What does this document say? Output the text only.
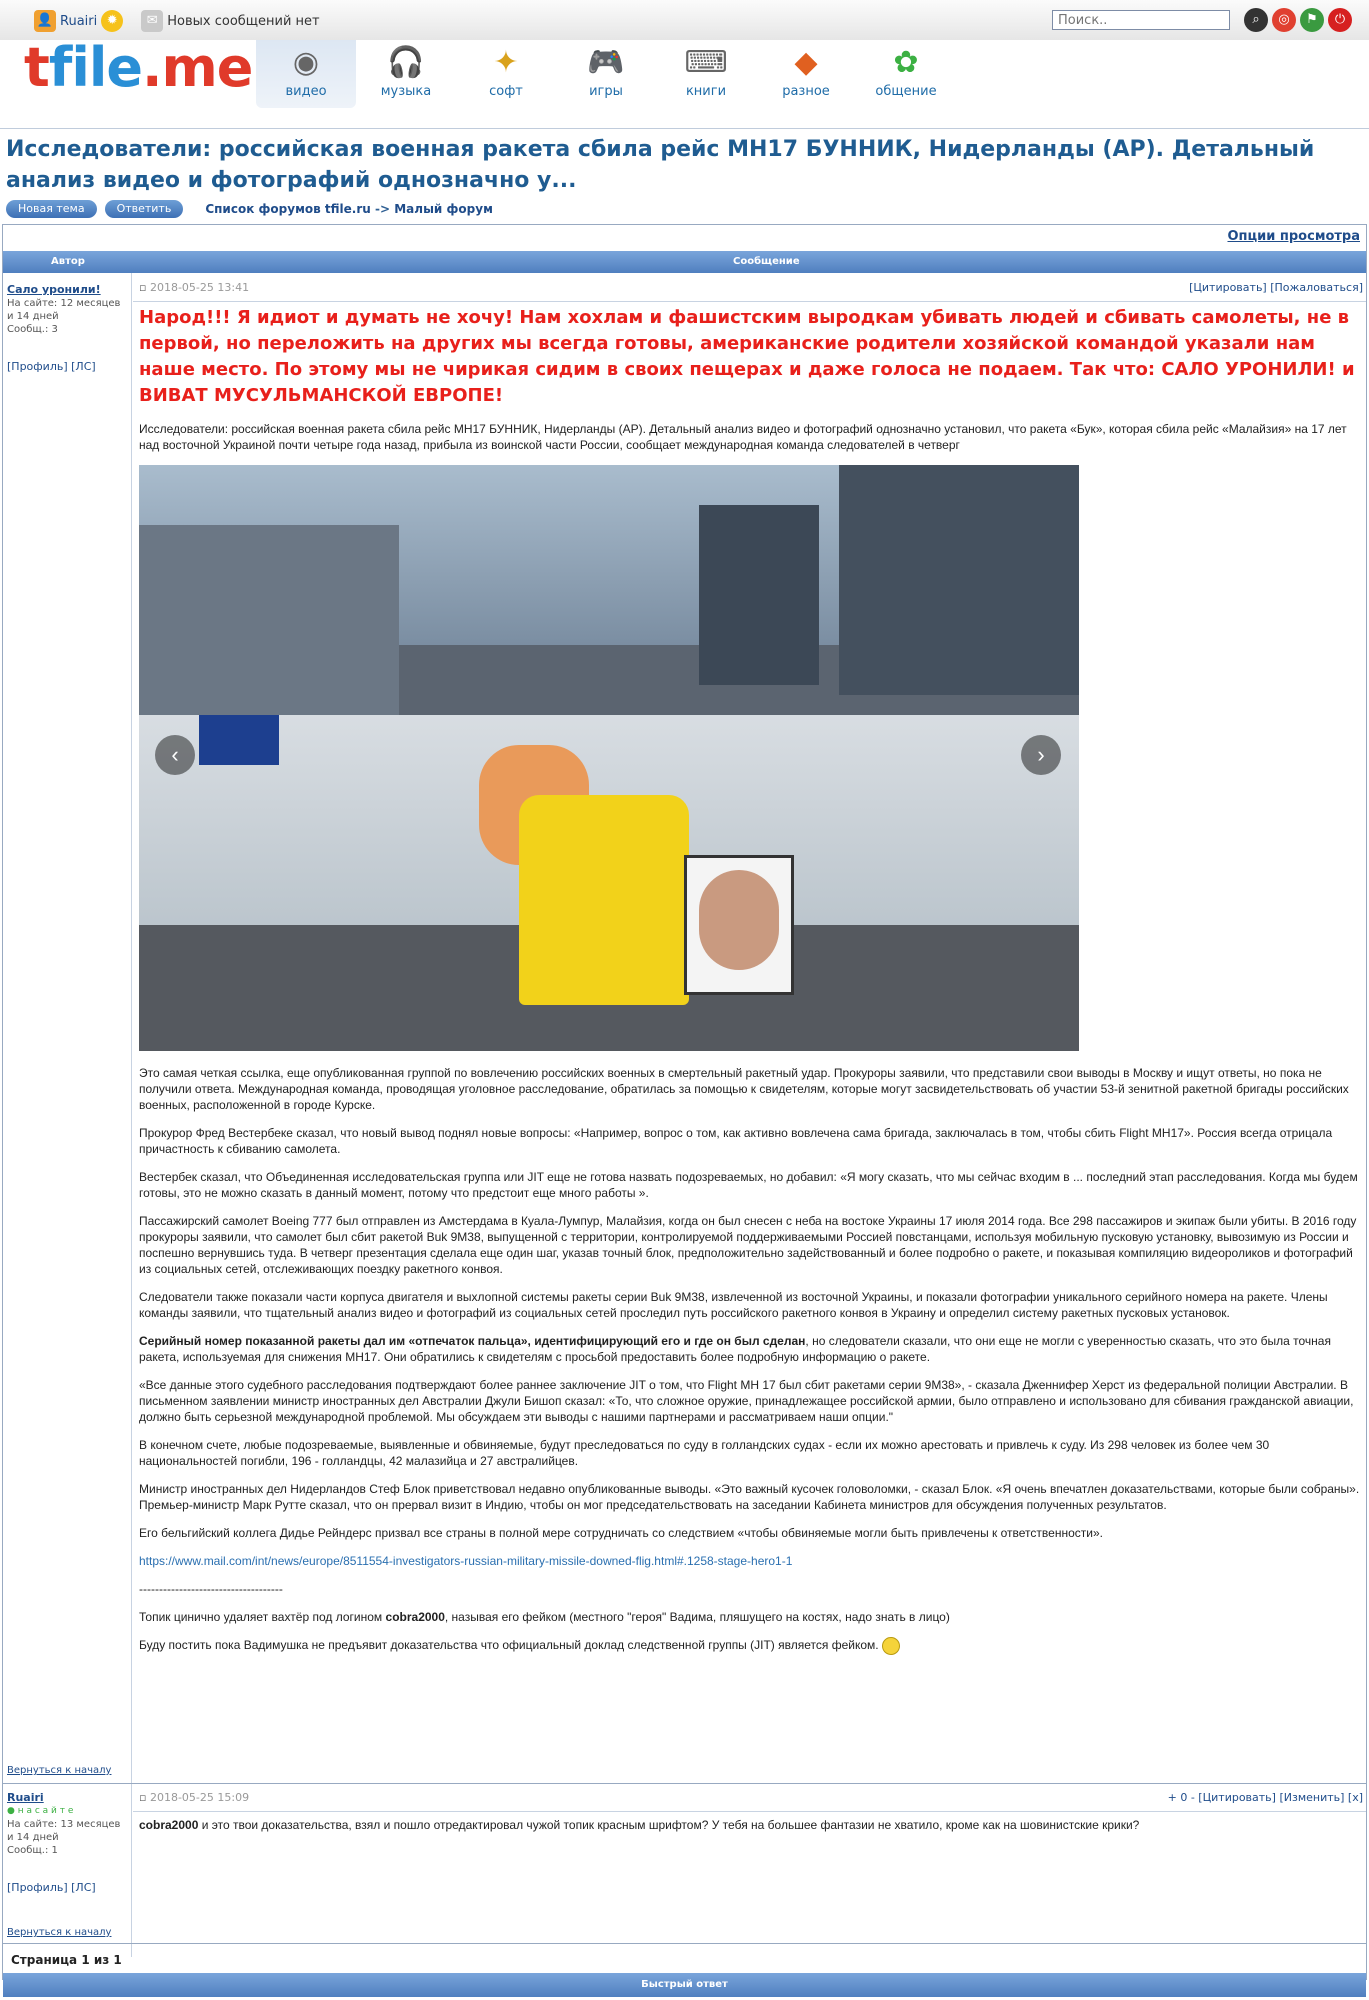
👤 Ruairi ✹	✉ Новых сообщений нет
Поиск..	⌕	◎	⚑	⏻
tfile.me ◉
видео
🎧
музыка
✦
софт
🎮
игры
⌨
книги
◆
разное
✿
общение
Исследователи: российская военная ракета сбила рейс МН17 БУННИК, Нидерланды (AP). Детальный анализ видео и фотографий однозначно у...
Новая тема	Ответить	Список форумов tfile.ru -> Малый форум
Опции просмотра
Автор	Сообщение
Сало уронили!
На сайте: 12 месяцев и 14 дней
Сообщ.: 3
[Профиль] [ЛС]
▫ 2018-05-25 13:41	[Цитировать] [Пожаловаться]

Народ!!! Я идиот и думать не хочу! Нам хохлам и фашистским выродкам убивать людей и сбивать самолеты, не в первой, но переложить на других мы всегда готовы, американские родители хозяйской командой указали нам наше место. По этому мы не чирикая сидим в своих пещерах и даже голоса не подаем. Так что: САЛО УРОНИЛИ! и ВИВАТ МУСУЛЬМАНСКОЙ ЕВРОПЕ!

Исследователи: российская военная ракета сбила рейс МН17 БУННИК, Нидерланды (AP). Детальный анализ видео и фотографий однозначно установил, что ракета «Бук», которая сбила рейс «Малайзия» на 17 лет над восточной Украиной почти четыре года назад, прибыла из воинской части России, сообщает международная команда следователей в четверг

‹	›

Это самая четкая ссылка, еще опубликованная группой по вовлечению российских военных в смертельный ракетный удар. Прокуроры заявили, что представили свои выводы в Москву и ищут ответы, но пока не получили ответа. Международная команда, проводящая уголовное расследование, обратилась за помощью к свидетелям, которые могут засвидетельствовать об участии 53-й зенитной ракетной бригады российских военных, расположенной в городе Курске.

Прокурор Фред Вестербеке сказал, что новый вывод поднял новые вопросы: «Например, вопрос о том, как активно вовлечена сама бригада, заключалась в том, чтобы сбить Flight MH17». Россия всегда отрицала причастность к сбиванию самолета.

Вестербек сказал, что Объединенная исследовательская группа или JIT еще не готова назвать подозреваемых, но добавил: «Я могу сказать, что мы сейчас входим в ... последний этап расследования. Когда мы будем готовы, это не можно сказать в данный момент, потому что предстоит еще много работы ».

Пассажирский самолет Boeing 777 был отправлен из Амстердама в Куала-Лумпур, Малайзия, когда он был снесен с неба на востоке Украины 17 июля 2014 года. Все 298 пассажиров и экипаж были убиты. В 2016 году прокуроры заявили, что самолет был сбит ракетой Buk 9M38, выпущенной с территории, контролируемой поддерживаемыми Россией повстанцами, используя мобильную пусковую установку, вывозимую из России и поспешно вернувшись туда. В четверг презентация сделала еще один шаг, указав точный блок, предположительно задействованный и более подробно о ракете, и показывая компиляцию видеороликов и фотографий из социальных сетей, отслеживающих поездку ракетного конвоя.

Следователи также показали части корпуса двигателя и выхлопной системы ракеты серии Buk 9M38, извлеченной из восточной Украины, и показали фотографии уникального серийного номера на ракете. Члены команды заявили, что тщательный анализ видео и фотографий из социальных сетей проследил путь российского ракетного конвоя в Украину и определил систему ракетных пусковых установок.

Серийный номер показанной ракеты дал им «отпечаток пальца», идентифицирующий его и где он был сделан, но следователи сказали, что они еще не могли с уверенностью сказать, что это была точная ракета, используемая для снижения MH17. Они обратились к свидетелям с просьбой предоставить более подробную информацию о ракете.

«Все данные этого судебного расследования подтверждают более раннее заключение JIT о том, что Flight MH 17 был сбит ракетами серии 9M38», - сказала Дженнифер Херст из федеральной полиции Австралии. В письменном заявлении министр иностранных дел Австралии Джули Бишоп сказал: «То, что сложное оружие, принадлежащее российской армии, было отправлено и использовано для сбивания гражданской авиации, должно быть серьезной международной проблемой. Мы обсуждаем эти выводы с нашими партнерами и рассматриваем наши опции."

В конечном счете, любые подозреваемые, выявленные и обвиняемые, будут преследоваться по суду в голландских судах - если их можно арестовать и привлечь к суду. Из 298 человек из более чем 30 национальностей погибли, 196 - голландцы, 42 малазийца и 27 австралийцев.

Министр иностранных дел Нидерландов Стеф Блок приветствовал недавно опубликованные выводы. «Это важный кусочек головоломки, - сказал Блок. «Я очень впечатлен доказательствами, которые были собраны». Премьер-министр Марк Рутте сказал, что он прервал визит в Индию, чтобы он мог председательствовать на заседании Кабинета министров для обсуждения полученных результатов.

Его бельгийский коллега Дидье Рейндерс призвал все страны в полной мере сотрудничать со следствием «чтобы обвиняемые могли быть привлечены к ответственности».

https://www.mail.com/int/news/europe/8511554-investigators-russian-military-missile-downed-flig.html#.1258-stage-hero1-1

------------------------------------

Топик цинично удаляет вахтёр под логином cobra2000, называя его фейком (местного "героя" Вадима, пляшущего на костях, надо знать в лицо)

Буду постить пока Вадимушка не предъявит доказательства что официальный доклад следственной группы (JIT) является фейком.

Вернуться к началу
Ruairi
● н а с а й т е
На сайте: 13 месяцев и 14 дней
Сообщ.: 1
[Профиль] [ЛС]
▫ 2018-05-25 15:09	+ 0 - [Цитировать] [Изменить] [x]

cobra2000 и это твои доказательства, взял и пошло отредактировал чужой топик красным шрифтом? У тебя на большее фантазии не хватило, кроме как на шовинистские крики?

Вернуться к началу
Страница 1 из 1
Быстрый ответ
